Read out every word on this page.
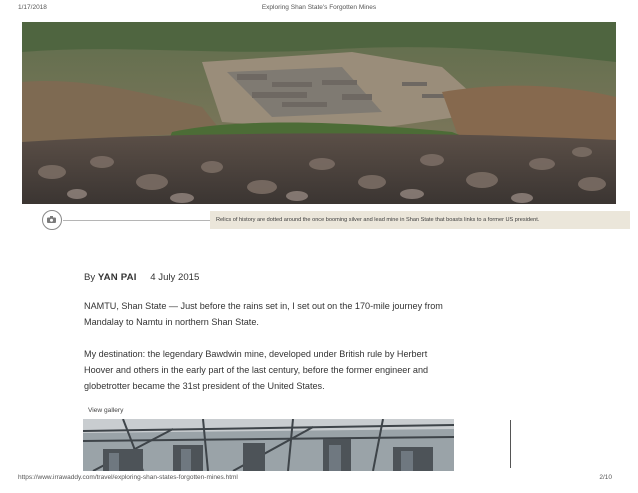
1/17/2018	Exploring Shan State's Forgotten Mines
Relics of history are dotted around the once booming silver and lead mine in Shan State that boasts links to a former US president.
By YAN PAI 4 July 2015

NAMTU, Shan State — Just before the rains set in, I set out on the 170-mile journey from Mandalay to Namtu in northern Shan State.

My destination: the legendary Bawdwin mine, developed under British rule by Herbert Hoover and others in the early part of the last century, before the former engineer and globetrotter became the 31st president of the United States.

View gallery
https://www.irrawaddy.com/travel/exploring-shan-states-forgotten-mines.html	2/10
